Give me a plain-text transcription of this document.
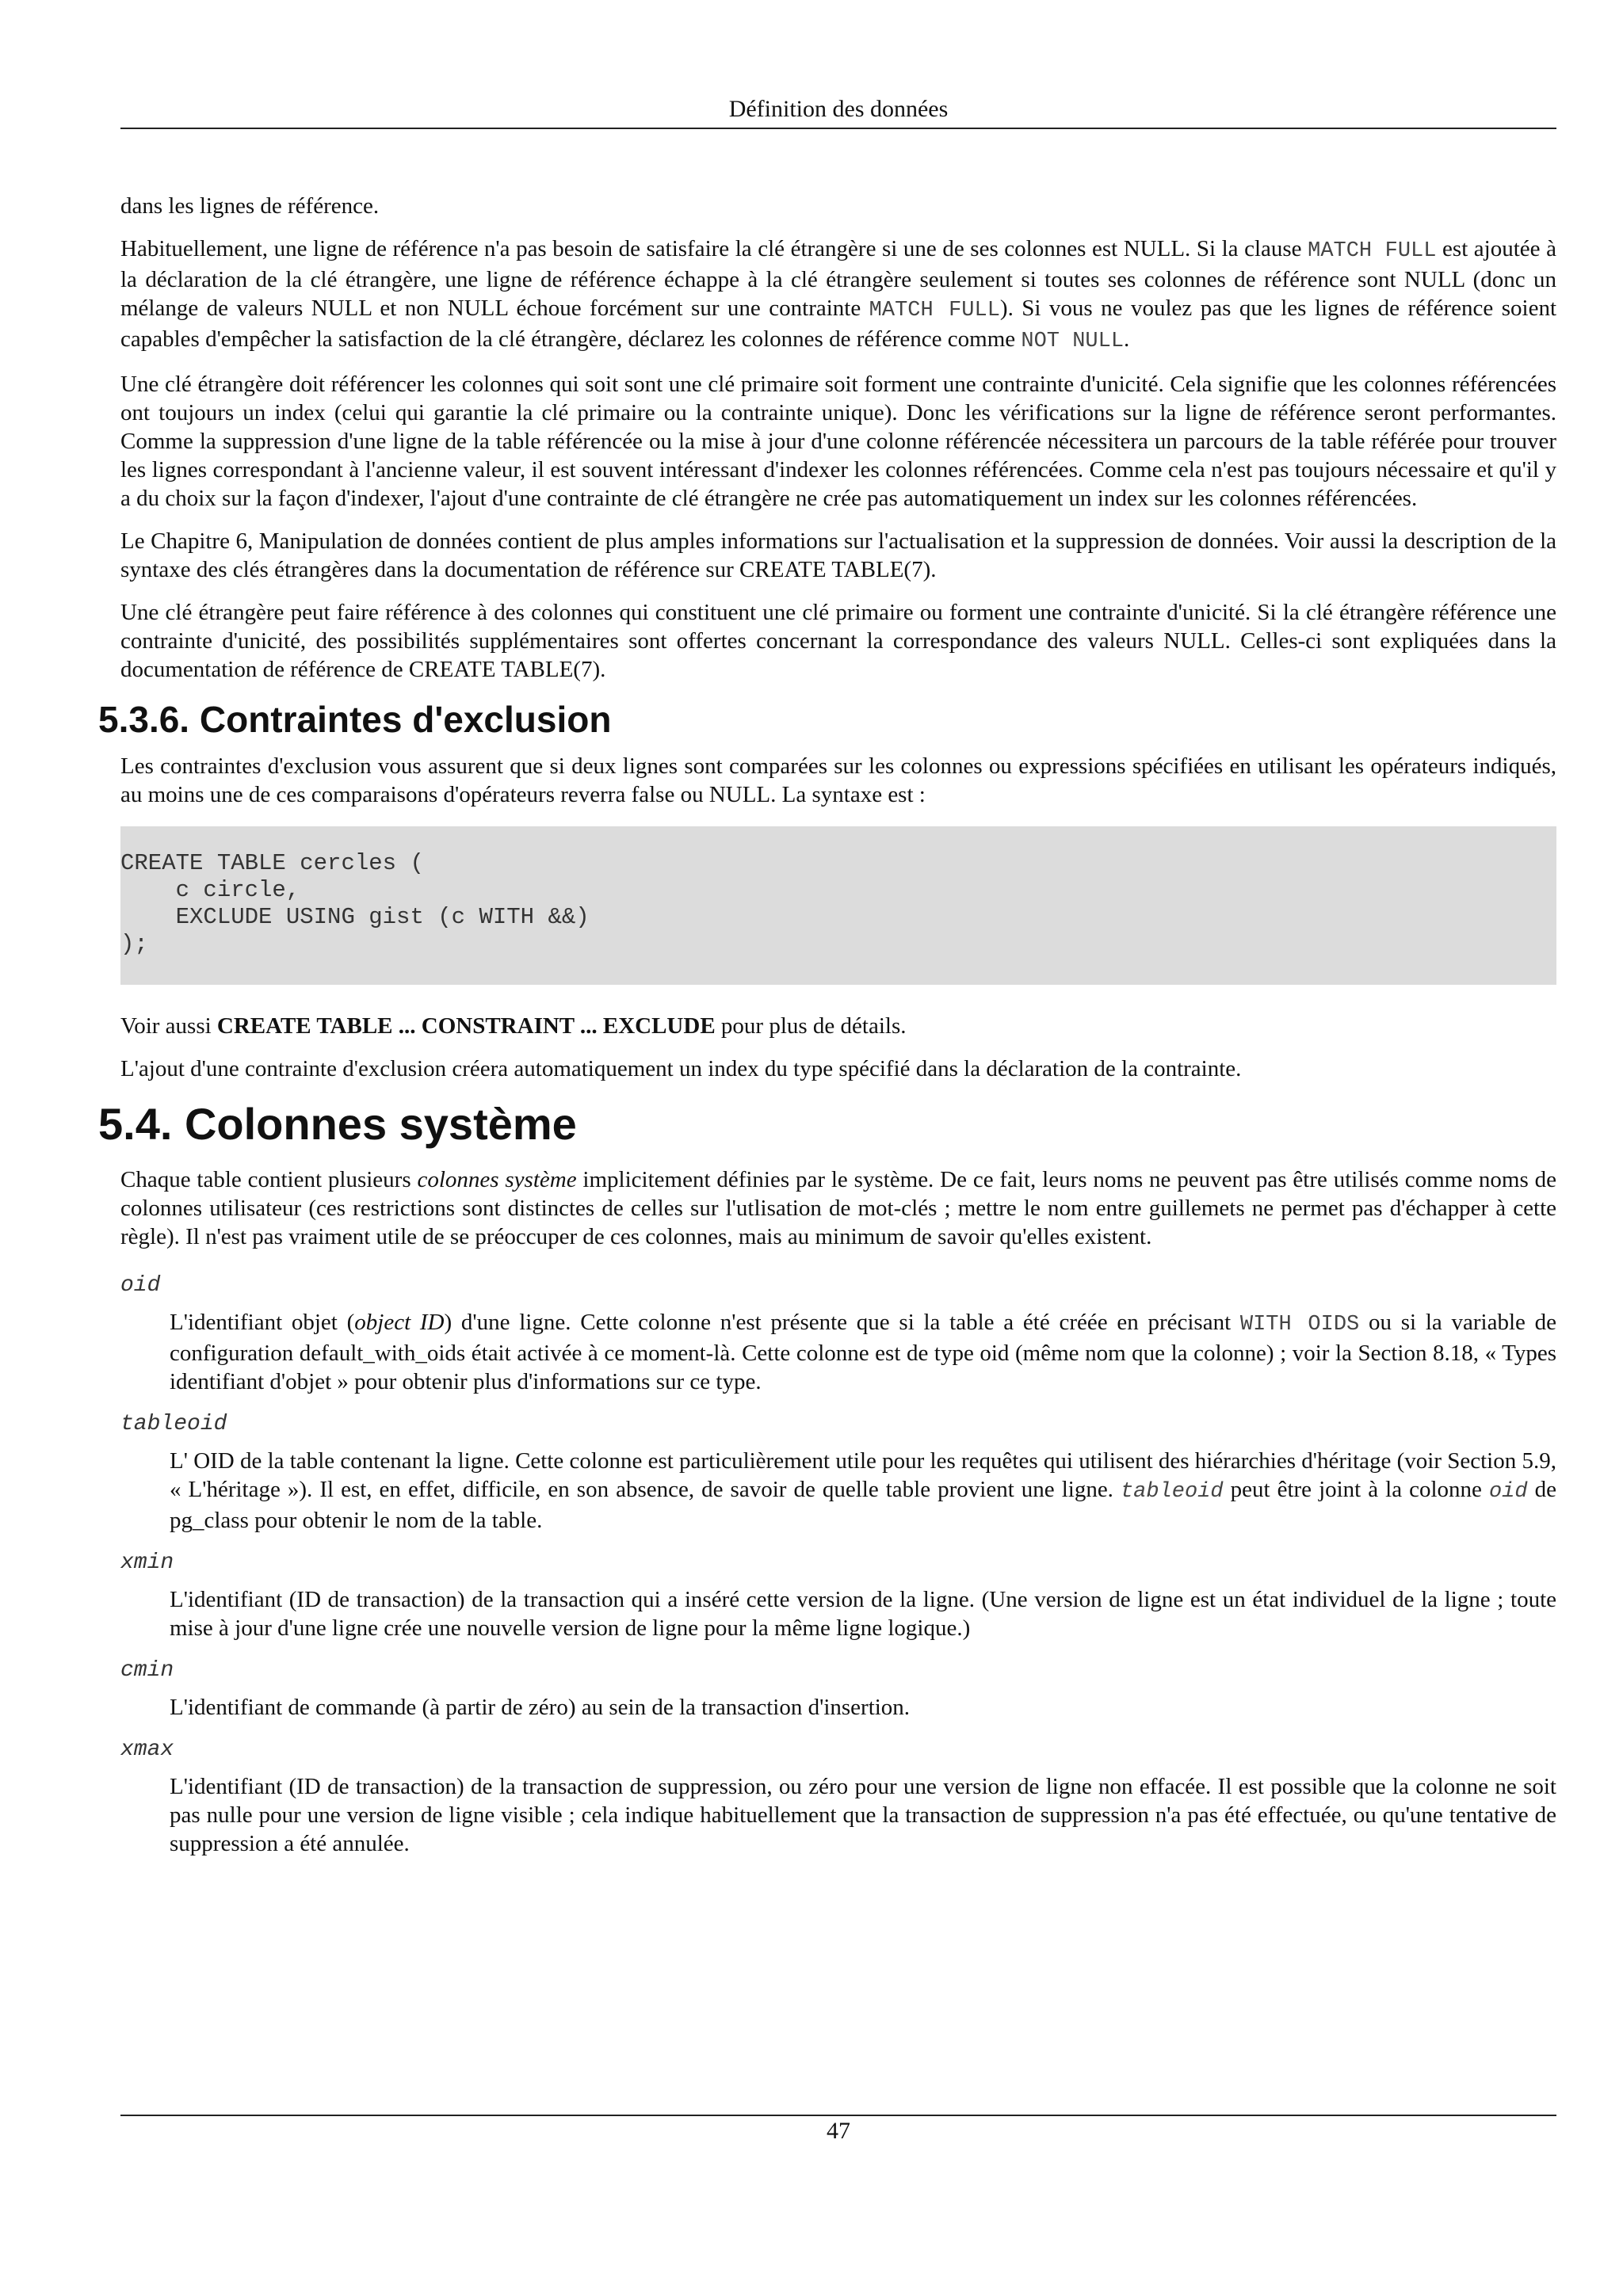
Définition des données

dans les lignes de référence.

Habituellement, une ligne de référence n'a pas besoin de satisfaire la clé étrangère si une de ses colonnes est NULL. Si la clause MATCH FULL est ajoutée à la déclaration de la clé étrangère, une ligne de référence échappe à la clé étrangère seulement si toutes ses colonnes de référence sont NULL (donc un mélange de valeurs NULL et non NULL échoue forcément sur une contrainte MATCH FULL). Si vous ne voulez pas que les lignes de référence soient capables d'empêcher la satisfaction de la clé étrangère, déclarez les colonnes de référence comme NOT NULL.

Une clé étrangère doit référencer les colonnes qui soit sont une clé primaire soit forment une contrainte d'unicité. Cela signifie que les colonnes référencées ont toujours un index (celui qui garantie la clé primaire ou la contrainte unique). Donc les vérifications sur la ligne de référence seront performantes. Comme la suppression d'une ligne de la table référencée ou la mise à jour d'une colonne référencée nécessitera un parcours de la table référée pour trouver les lignes correspondant à l'ancienne valeur, il est souvent intéressant d'indexer les colonnes référencées. Comme cela n'est pas toujours nécessaire et qu'il y a du choix sur la façon d'indexer, l'ajout d'une contrainte de clé étrangère ne crée pas automatiquement un index sur les colonnes référencées.

Le Chapitre 6, Manipulation de données contient de plus amples informations sur l'actualisation et la suppression de données. Voir aussi la description de la syntaxe des clés étrangères dans la documentation de référence sur CREATE TABLE(7).

Une clé étrangère peut faire référence à des colonnes qui constituent une clé primaire ou forment une contrainte d'unicité. Si la clé étrangère référence une contrainte d'unicité, des possibilités supplémentaires sont offertes concernant la correspondance des valeurs NULL. Celles-ci sont expliquées dans la documentation de référence de CREATE TABLE(7).

5.3.6. Contraintes d'exclusion

Les contraintes d'exclusion vous assurent que si deux lignes sont comparées sur les colonnes ou expressions spécifiées en utilisant les opérateurs indiqués, au moins une de ces comparaisons d'opérateurs reverra false ou NULL. La syntaxe est :

CREATE TABLE cercles (
c circle,
EXCLUDE USING gist (c WITH &&)
);

Voir aussi CREATE TABLE ... CONSTRAINT ... EXCLUDE pour plus de détails.

L'ajout d'une contrainte d'exclusion créera automatiquement un index du type spécifié dans la déclaration de la contrainte.

5.4. Colonnes système

Chaque table contient plusieurs colonnes système implicitement définies par le système. De ce fait, leurs noms ne peuvent pas être utilisés comme noms de colonnes utilisateur (ces restrictions sont distinctes de celles sur l'utlisation de mot-clés ; mettre le nom entre guillemets ne permet pas d'échapper à cette règle). Il n'est pas vraiment utile de se préoccuper de ces colonnes, mais au minimum de savoir qu'elles existent.

oid
L'identifiant objet (object ID) d'une ligne. Cette colonne n'est présente que si la table a été créée en précisant WITH OIDS ou si la variable de configuration default_with_oids était activée à ce moment-là. Cette colonne est de type oid (même nom que la colonne) ; voir la Section 8.18, « Types identifiant d'objet » pour obtenir plus d'informations sur ce type.
tableoid
L' OID de la table contenant la ligne. Cette colonne est particulièrement utile pour les requêtes qui utilisent des hiérarchies d'héritage (voir Section 5.9, « L'héritage »). Il est, en effet, difficile, en son absence, de savoir de quelle table provient une ligne. tableoid peut être joint à la colonne oid de pg_class pour obtenir le nom de la table.
xmin
L'identifiant (ID de transaction) de la transaction qui a inséré cette version de la ligne. (Une version de ligne est un état individuel de la ligne ; toute mise à jour d'une ligne crée une nouvelle version de ligne pour la même ligne logique.)
cmin
L'identifiant de commande (à partir de zéro) au sein de la transaction d'insertion.
xmax
L'identifiant (ID de transaction) de la transaction de suppression, ou zéro pour une version de ligne non effacée. Il est possible que la colonne ne soit pas nulle pour une version de ligne visible ; cela indique habituellement que la transaction de suppression n'a pas été effectuée, ou qu'une tentative de suppression a été annulée.
47
